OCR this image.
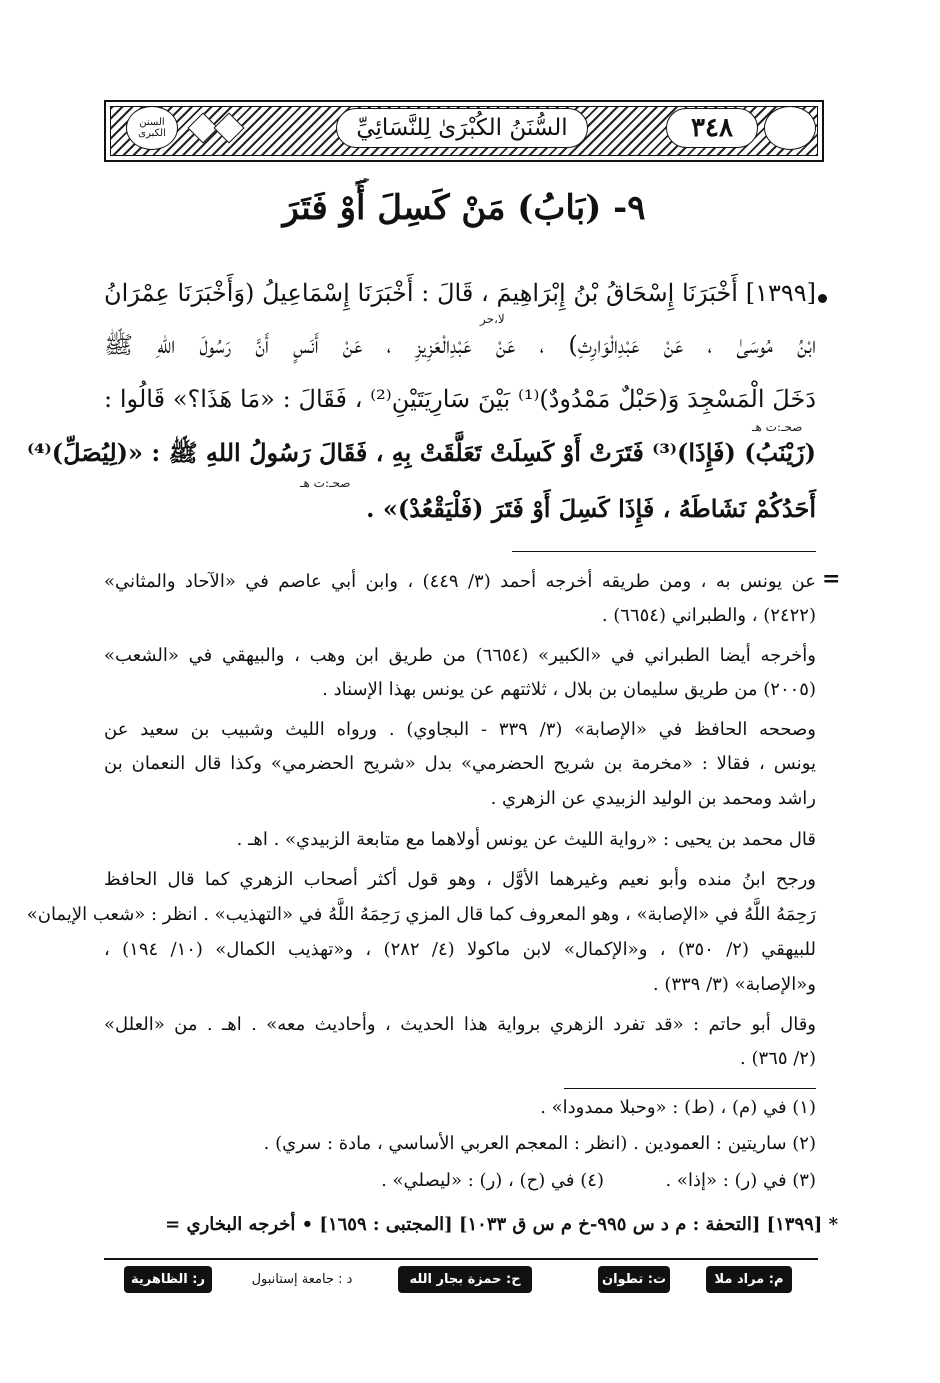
السنن الكبرى	السُّنَنُ الكُبْرَىٰ لِلنَّسَائِيِّ	٣٤٨
٩- (بَابُ) مَنْ كَسِلَ أَوْ فَتَرَ
[١٣٩٩] أَخْبَرَنَا إِسْحَاقُ بْنُ إِبْرَاهِيمَ ، قَالَ : أَخْبَرَنَا إِسْمَاعِيلُ (وَأَخْبَرَنَا عِمْرَانُ
ابْنُ مُوسَىٰ ، عَنْ عَبْدِالْوَارِثِ) ، عَنْ عَبْدِالْعَزِيزِ ، عَنْ أَنَسٍ أَنَّ رَسُولَ اللهِ ﷺ
دَخَلَ الْمَسْجِدَ وَ(حَبْلٌ مَمْدُودٌ)⁽¹⁾ بَيْنَ سَارِيَتَيْنِ⁽²⁾ ، فَقَالَ : «مَا هَذَا؟» قَالُوا :
(زَيْنَبُ) (فَإِذَا)⁽³⁾ فَتَرَتْ أَوْ كَسِلَتْ تَعَلَّقَتْ بِهِ ، فَقَالَ رَسُولُ اللهِ ﷺ : «(لِيُصَلِّ)⁽⁴⁾
أَحَدُكُمْ نَشَاطَهُ ، فَإِذَا كَسِلَ أَوْ فَتَرَ (فَلْيَقْعُدْ)» .
لا،حر
صحـ:ت هـ
صحـ:ت هـ
حر
=
عن يونس به ، ومن طريقه أخرجه أحمد (٣/ ٤٤٩) ، وابن أبي عاصم في «الآحاد والمثاني»
(٢٤٢٢) ، والطبراني (٦٦٥٤) .
وأخرجه أيضا الطبراني في «الكبير» (٦٦٥٤) من طريق ابن وهب ، والبيهقي في «الشعب»
(٢٠٠٥) من طريق سليمان بن بلال ، ثلاثتهم عن يونس بهذا الإسناد .
وصححه الحافظ في «الإصابة» (٣/ ٣٣٩ - البجاوي) . ورواه الليث وشبيب بن سعيد عن
يونس ، فقالا : «مخرمة بن شريح الحضرمي» بدل «شريح الحضرمي» وكذا قال النعمان بن
راشد ومحمد بن الوليد الزبيدي عن الزهري .
قال محمد بن يحيى : «رواية الليث عن يونس أولاهما مع متابعة الزبيدي» . اهـ .
ورجح ابنُ منده وأبو نعيم وغيرهما الأوَّل ، وهو قول أكثر أصحاب الزهري كما قال الحافظ
رَحِمَهُ اللَّهُ في «الإصابة» ، وهو المعروف كما قال المزي رَحِمَهُ اللَّهُ في «التهذيب» . انظر : «شعب الإيمان»
للبيهقي (٢/ ٣٥٠) ، و«الإكمال» لابن ماكولا (٤/ ٢٨٢) ، و«تهذيب الكمال» (١٠/ ١٩٤) ،
و«الإصابة» (٣/ ٣٣٩) .
وقال أبو حاتم : «قد تفرد الزهري برواية هذا الحديث ، وأحاديث معه» . اهـ . من «العلل»
(٢/ ٣٦٥) .
(١) في (م) ، (ط) : «وحبلا ممدودا» .
(٢) ساريتين : العمودين . (انظر : المعجم العربي الأساسي ، مادة : سري) .
(٣) في (ر) : «إذا» .
(٤) في (ح) ، (ر) : «ليصلي» .
* [١٣٩٩] [التحفة : م د س ٩٩٥-خ م س ق ١٠٣٣] [المجتبى : ١٦٥٩] • أخرجه البخاري =
م: مراد ملا
ت: تطوان
ح: حمزة بجار الله
د : جامعة إستانبول
ر: الظاهرية
